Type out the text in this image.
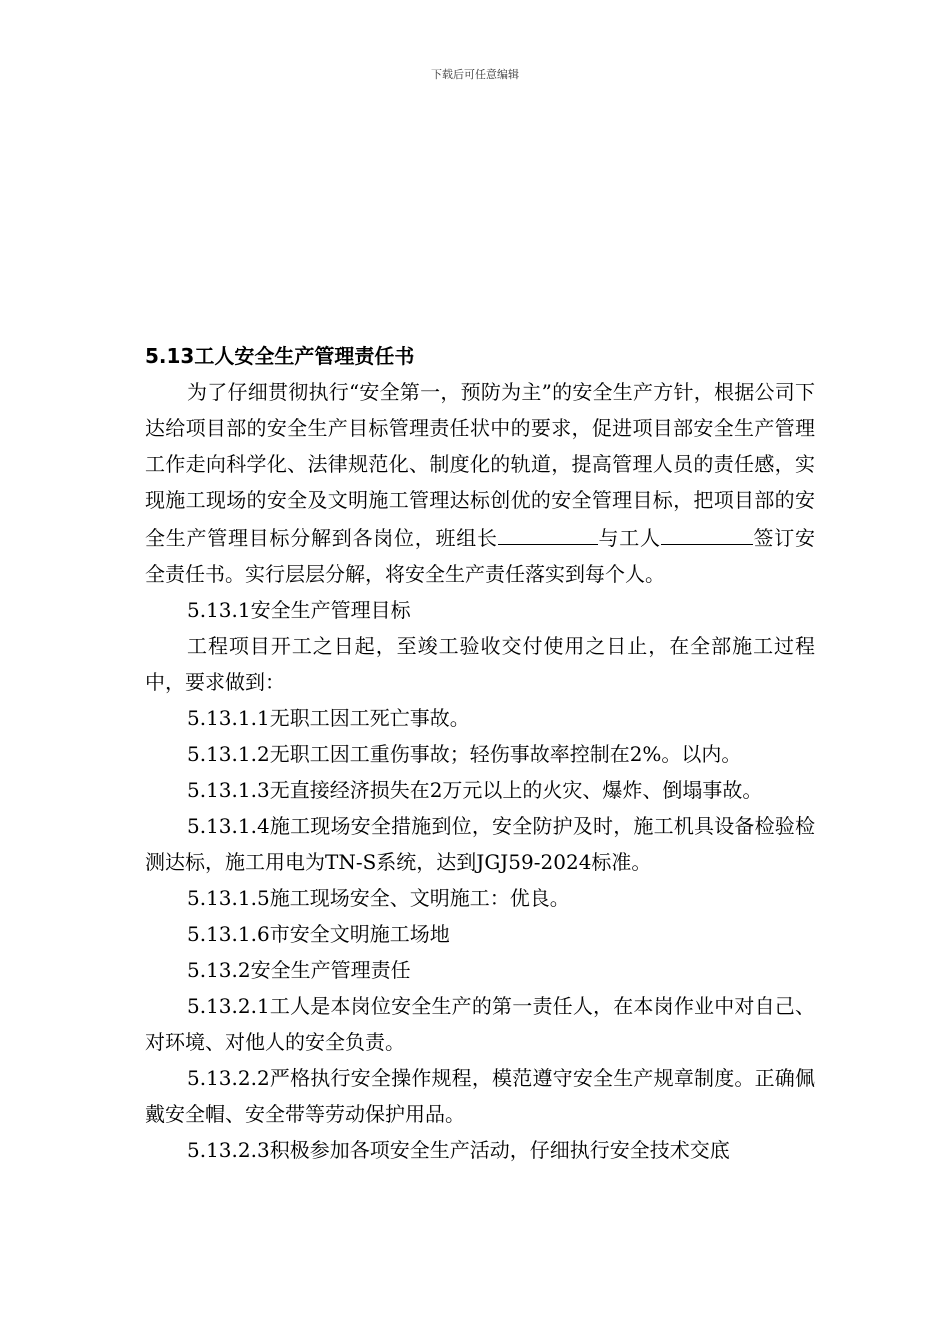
下载后可任意编辑

5.13工人安全生产管理责任书

为了仔细贯彻执行“安全第一，预防为主”的安全生产方针，根据公司下达给项目部的安全生产目标管理责任状中的要求，促进项目部安全生产管理工作走向科学化、法律规范化、制度化的轨道，提高管理人员的责任感，实现施工现场的安全及文明施工管理达标创优的安全管理目标，把项目部的安全生产管理目标分解到各岗位，班组长	与工人	签订安全责任书。实行层层分解，将安全生产责任落实到每个人。

5.13.1安全生产管理目标

工程项目开工之日起，至竣工验收交付使用之日止，在全部施工过程中，要求做到：

5.13.1.1无职工因工死亡事故。

5.13.1.2无职工因工重伤事故；轻伤事故率控制在2%。以内。

5.13.1.3无直接经济损失在2万元以上的火灾、爆炸、倒塌事故。

5.13.1.4施工现场安全措施到位，安全防护及时，施工机具设备检验检测达标，施工用电为TN-S系统，达到JGJ59-2024标准。

5.13.1.5施工现场安全、文明施工：优良。

5.13.1.6市安全文明施工场地

5.13.2安全生产管理责任

5.13.2.1工人是本岗位安全生产的第一责任人，在本岗作业中对自己、对环境、对他人的安全负责。

5.13.2.2严格执行安全操作规程，模范遵守安全生产规章制度。正确佩戴安全帽、安全带等劳动保护用品。

5.13.2.3积极参加各项安全生产活动，仔细执行安全技术交底
